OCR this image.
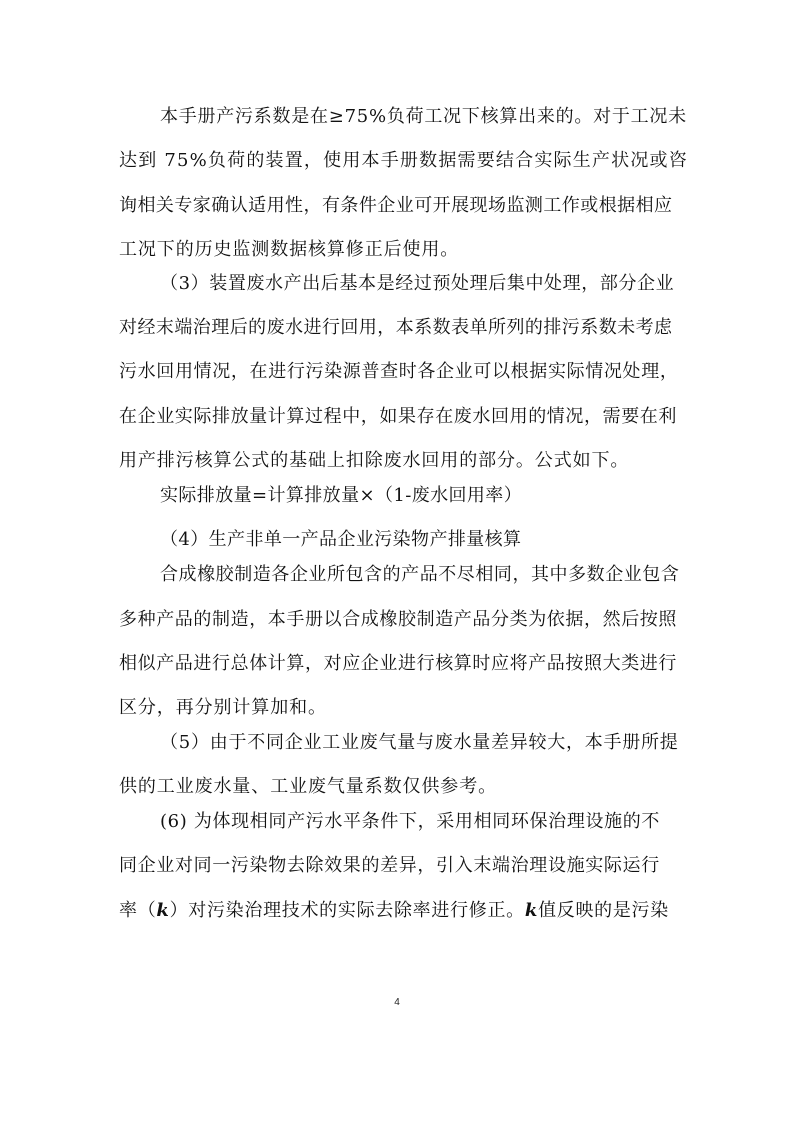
本手册产污系数是在≥75%负荷工况下核算出来的。对于工况未
达到 75%负荷的装置，使用本手册数据需要结合实际生产状况或咨
询相关专家确认适用性，有条件企业可开展现场监测工作或根据相应
工况下的历史监测数据核算修正后使用。
（3）装置废水产出后基本是经过预处理后集中处理，部分企业
对经末端治理后的废水进行回用，本系数表单所列的排污系数未考虑
污水回用情况，在进行污染源普查时各企业可以根据实际情况处理，
在企业实际排放量计算过程中，如果存在废水回用的情况，需要在利
用产排污核算公式的基础上扣除废水回用的部分。公式如下。
实际排放量=计算排放量×（1-废水回用率）
（4）生产非单一产品企业污染物产排量核算
合成橡胶制造各企业所包含的产品不尽相同，其中多数企业包含
多种产品的制造，本手册以合成橡胶制造产品分类为依据，然后按照
相似产品进行总体计算，对应企业进行核算时应将产品按照大类进行
区分，再分别计算加和。
（5）由于不同企业工业废气量与废水量差异较大，本手册所提
供的工业废水量、工业废气量系数仅供参考。
(6) 为体现相同产污水平条件下，采用相同环保治理设施的不
同企业对同一污染物去除效果的差异，引入末端治理设施实际运行
率（k）对污染治理技术的实际去除率进行修正。k值反映的是污染
4
